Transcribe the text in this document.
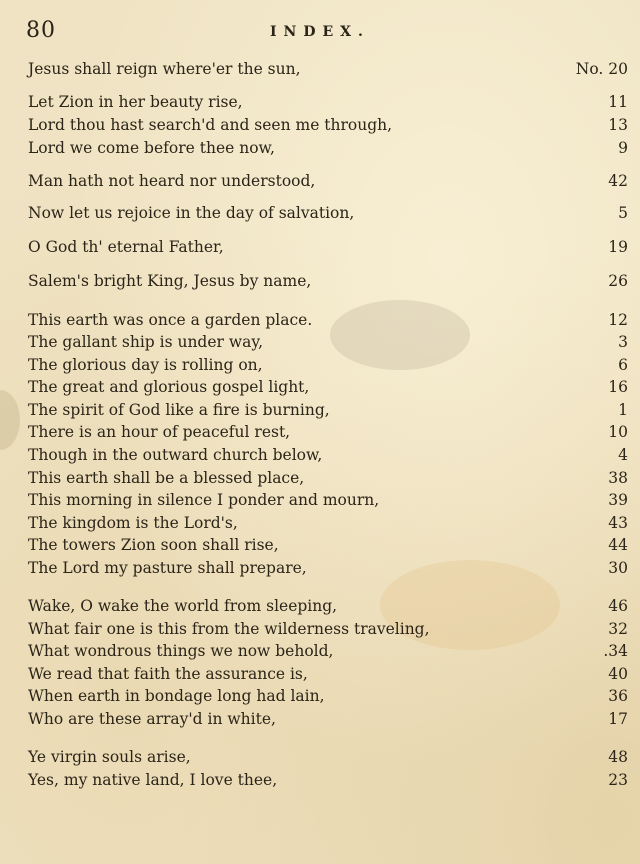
80	INDEX.
Jesus shall reign where'er the sun,	No. 20
Let Zion in her beauty rise,	11
Lord thou hast search'd and seen me through,	13
Lord we come before thee now,	9
Man hath not heard nor understood,	42
Now let us rejoice in the day of salvation,	5
O God th' eternal Father,	19
Salem's bright King, Jesus by name,	26
This earth was once a garden place.	12
The gallant ship is under way,	3
The glorious day is rolling on,	6
The great and glorious gospel light,	16
The spirit of God like a fire is burning,	1
There is an hour of peaceful rest,	10
Though in the outward church below,	4
This earth shall be a blessed place,	38
This morning in silence I ponder and mourn,	39
The kingdom is the Lord's,	43
The towers Zion soon shall rise,	44
The Lord my pasture shall prepare,	30
Wake, O wake the world from sleeping,	46
What fair one is this from the wilderness traveling,	32
What wondrous things we now behold,	.34
We read that faith the assurance is,	40
When earth in bondage long had lain,	36
Who are these array'd in white,	17
Ye virgin souls arise,	48
Yes, my native land, I love thee,	23
